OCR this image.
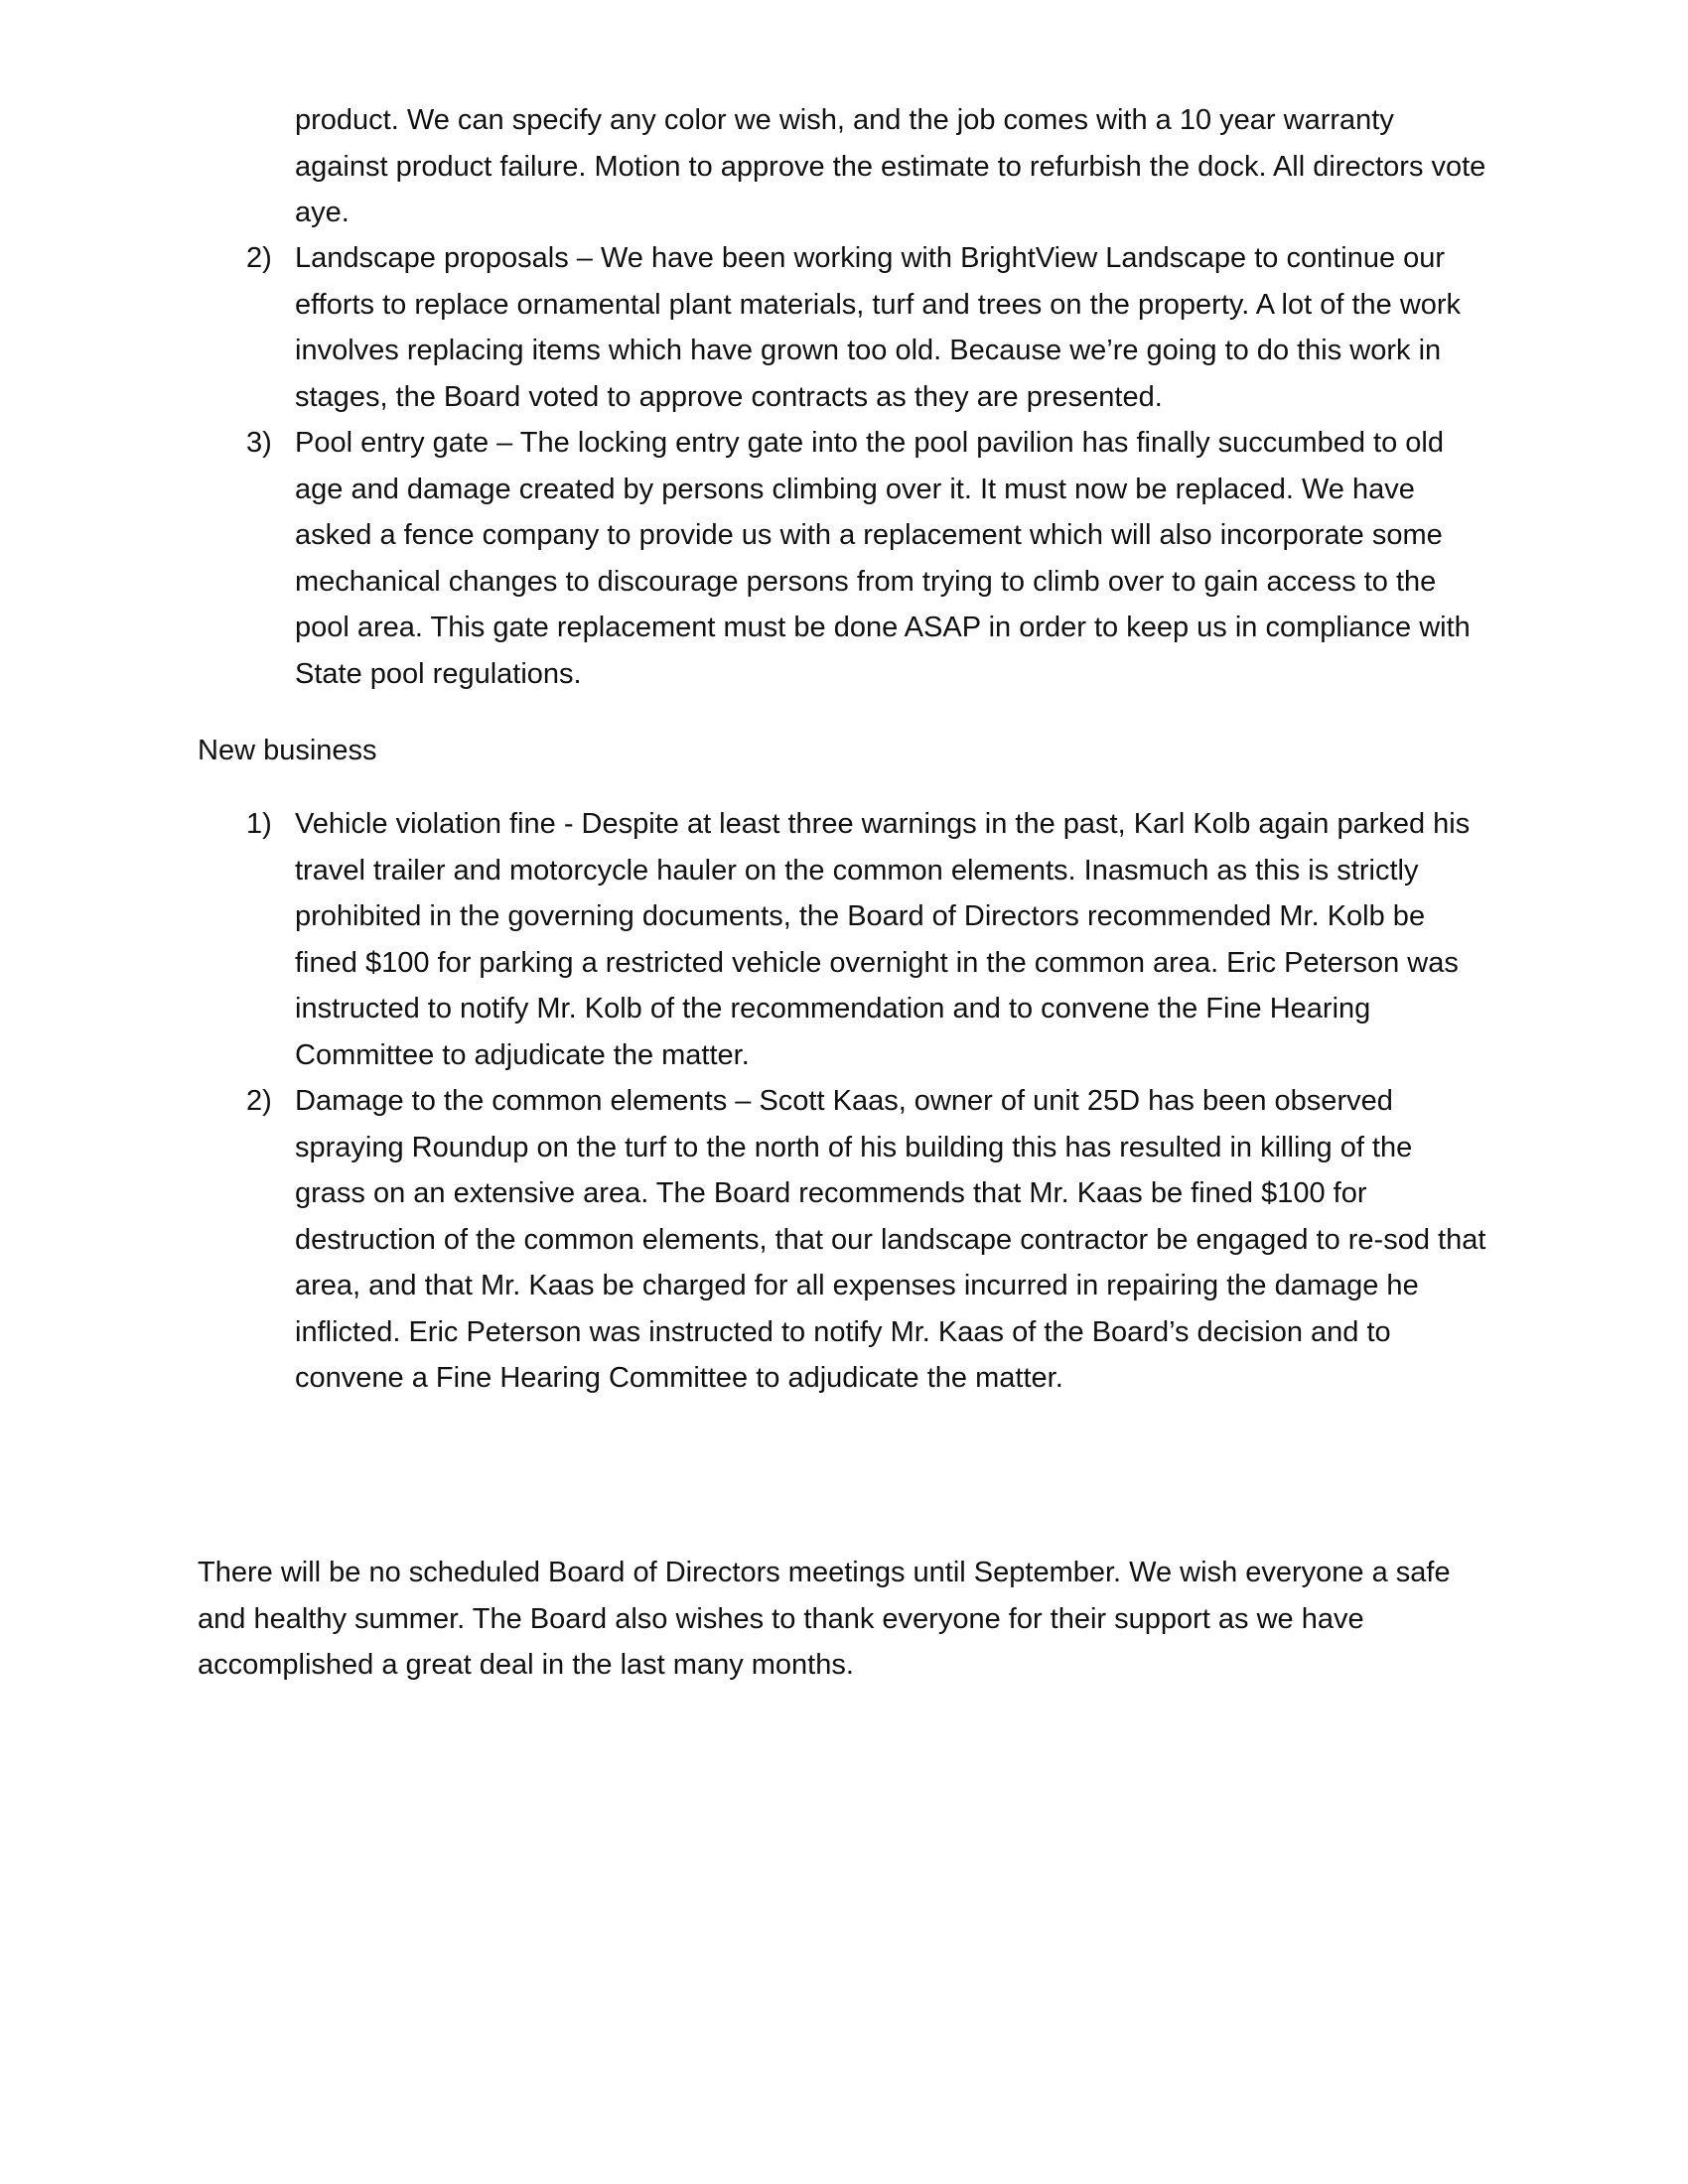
product. We can specify any color we wish, and the job comes with a 10 year warranty against product failure. Motion to approve the estimate to refurbish the dock. All directors vote aye.
2) Landscape proposals – We have been working with BrightView Landscape to continue our efforts to replace ornamental plant materials, turf and trees on the property. A lot of the work involves replacing items which have grown too old. Because we’re going to do this work in stages, the Board voted to approve contracts as they are presented.
3) Pool entry gate – The locking entry gate into the pool pavilion has finally succumbed to old age and damage created by persons climbing over it. It must now be replaced. We have asked a fence company to provide us with a replacement which will also incorporate some mechanical changes to discourage persons from trying to climb over to gain access to the pool area. This gate replacement must be done ASAP in order to keep us in compliance with State pool regulations.
New business
1) Vehicle violation fine - Despite at least three warnings in the past, Karl Kolb again parked his travel trailer and motorcycle hauler on the common elements. Inasmuch as this is strictly prohibited in the governing documents, the Board of Directors recommended Mr. Kolb be fined $100 for parking a restricted vehicle overnight in the common area. Eric Peterson was instructed to notify Mr. Kolb of the recommendation and to convene the Fine Hearing Committee to adjudicate the matter.
2) Damage to the common elements – Scott Kaas, owner of unit 25D has been observed spraying Roundup on the turf to the north of his building this has resulted in killing of the grass on an extensive area. The Board recommends that Mr. Kaas be fined $100 for destruction of the common elements, that our landscape contractor be engaged to re-sod that area, and that Mr. Kaas be charged for all expenses incurred in repairing the damage he inflicted. Eric Peterson was instructed to notify Mr. Kaas of the Board’s decision and to convene a Fine Hearing Committee to adjudicate the matter.
There will be no scheduled Board of Directors meetings until September. We wish everyone a safe and healthy summer. The Board also wishes to thank everyone for their support as we have accomplished a great deal in the last many months.
